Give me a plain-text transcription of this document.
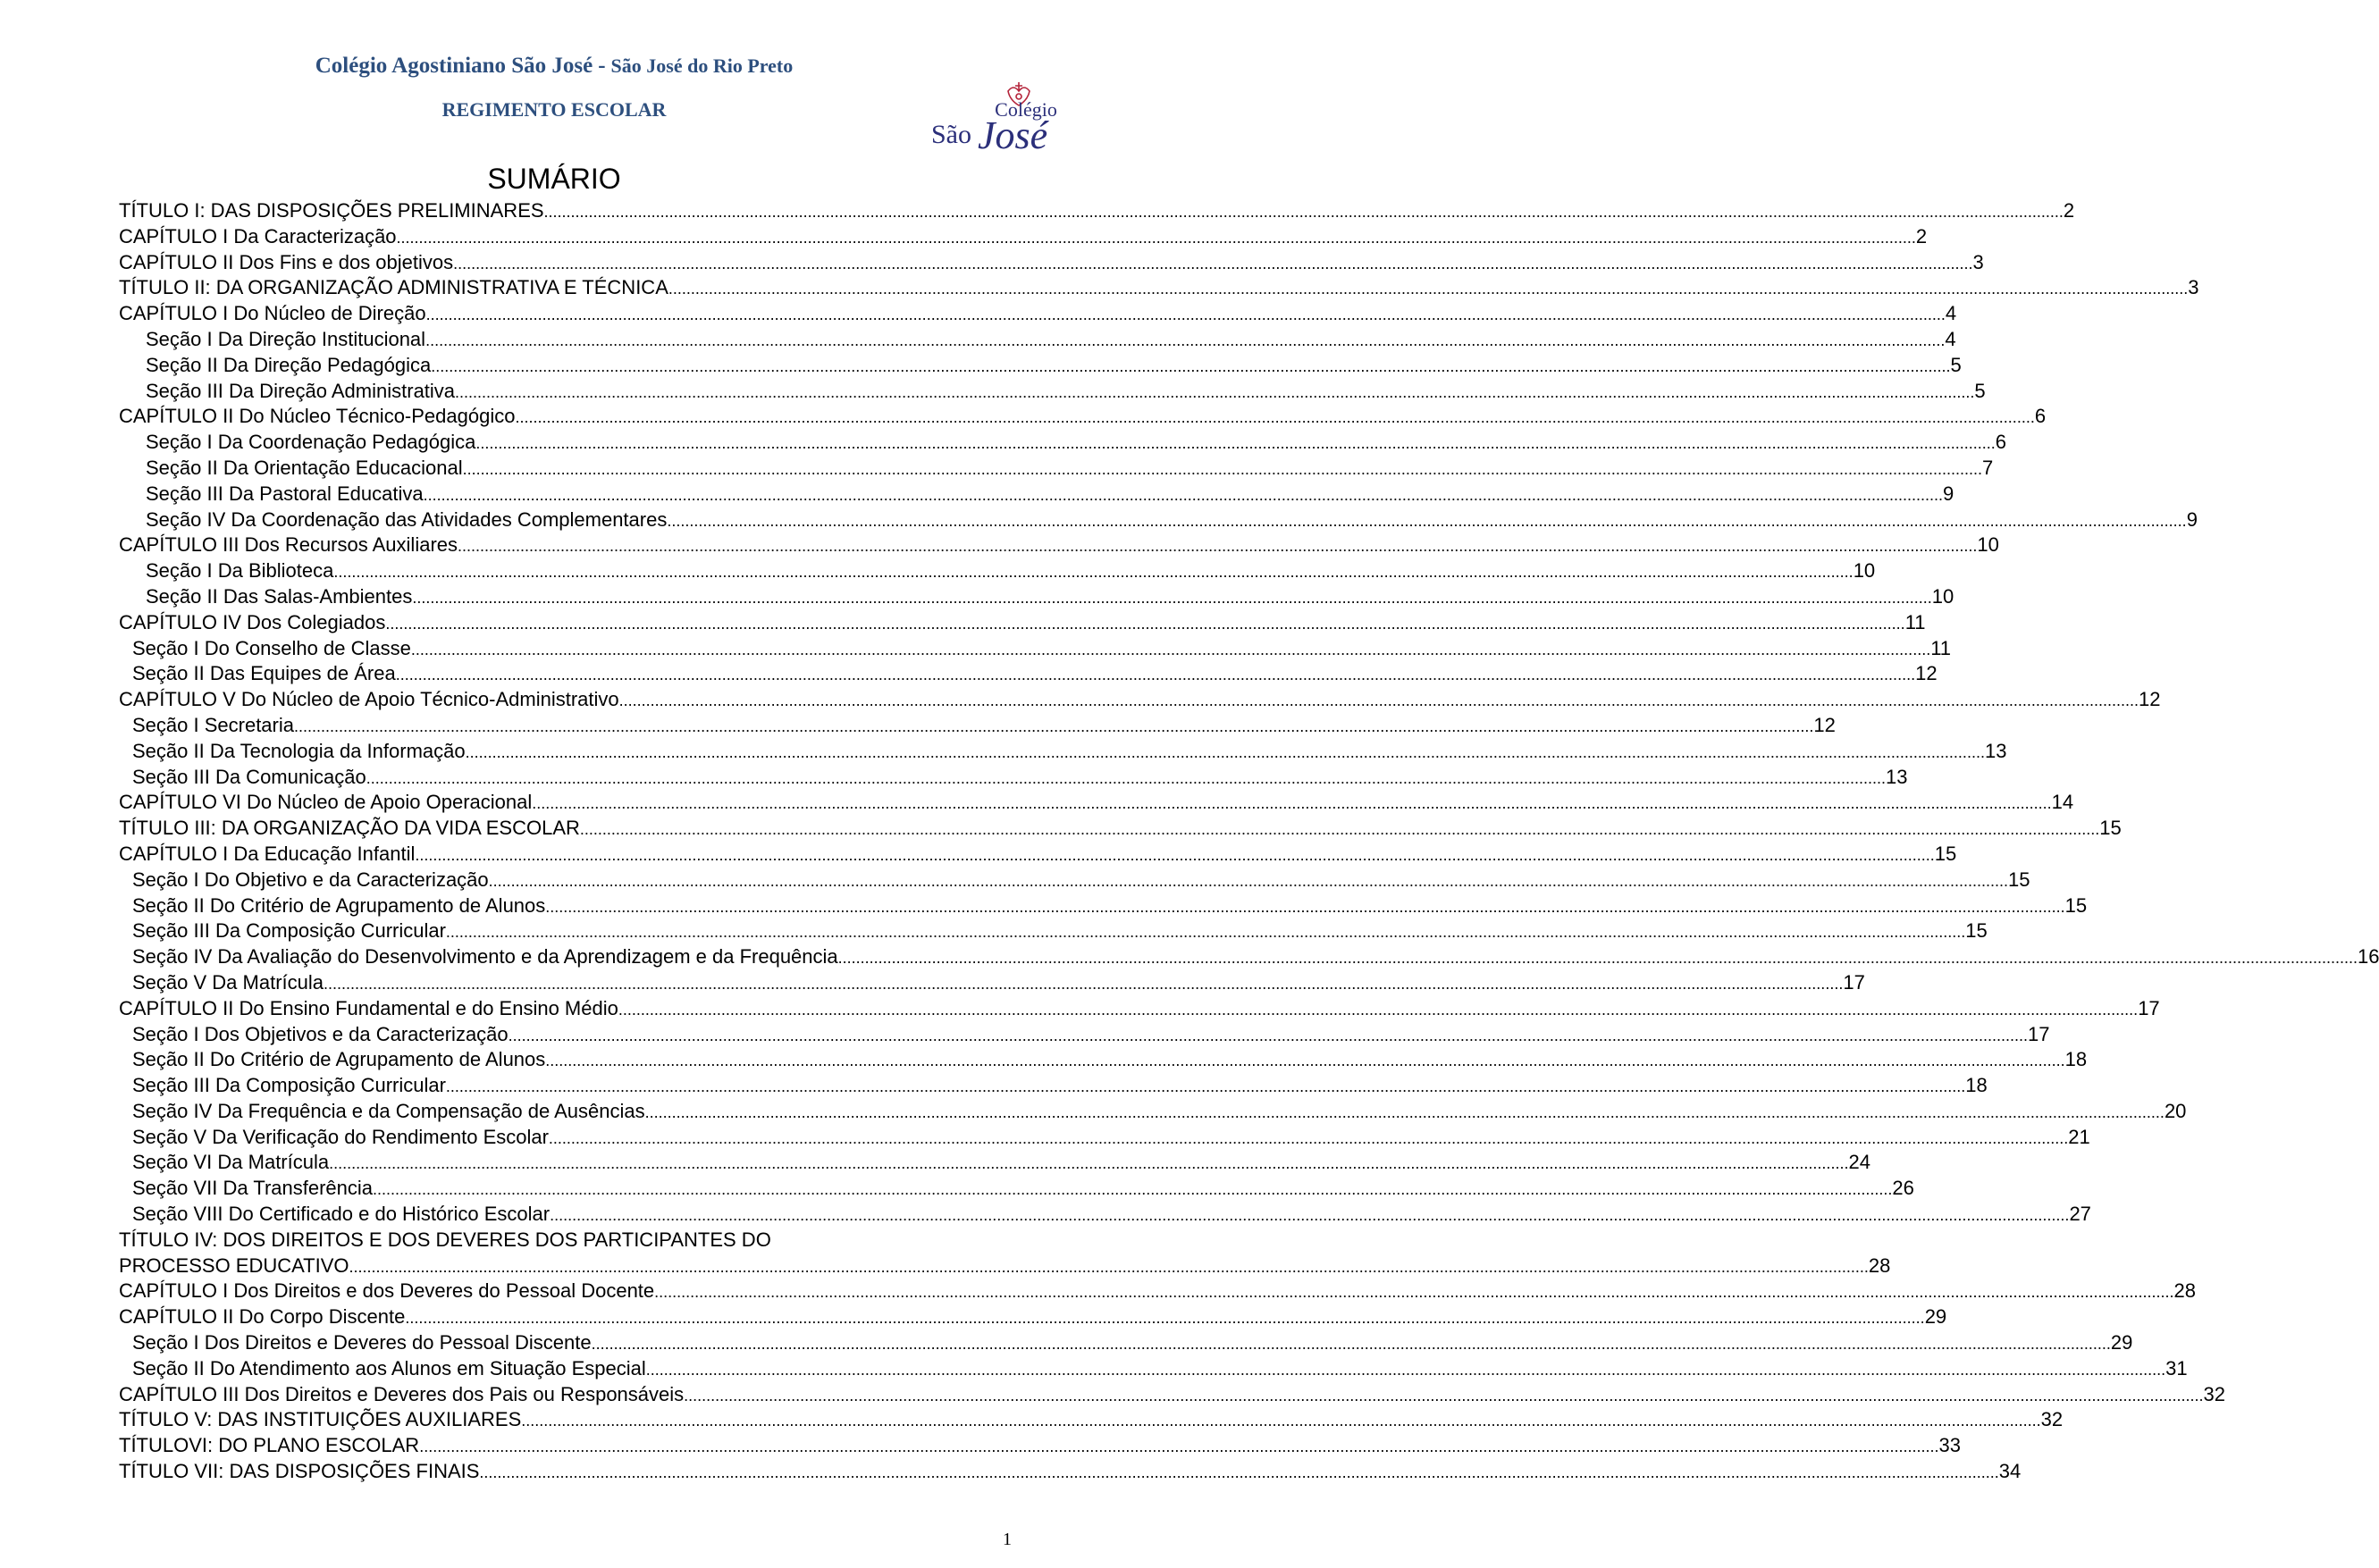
Colégio Agostiniano São José - São José do Rio Preto
REGIMENTO ESCOLAR	Colégio
São José
SUMÁRIO
TÍTULO I: DAS DISPOSIÇÕES PRELIMINARES .....	2
CAPÍTULO I Da Caracterização .....	2
CAPÍTULO II Dos Fins e dos objetivos .....	3
TÍTULO II: DA ORGANIZAÇÃO ADMINISTRATIVA E TÉCNICA .....	3
CAPÍTULO I Do Núcleo de Direção .....	4
Seção I Da Direção Institucional .....	4
Seção II Da Direção Pedagógica .....	5
Seção III Da Direção Administrativa .....	5
CAPÍTULO II Do Núcleo Técnico-Pedagógico .....	6
Seção I Da Coordenação Pedagógica .....	6
Seção II Da Orientação Educacional .....	7
Seção III Da Pastoral Educativa .....	9
Seção IV Da Coordenação das Atividades Complementares .....	9
CAPÍTULO III Dos Recursos Auxiliares .....	10
Seção I Da Biblioteca .....	10
Seção II Das Salas-Ambientes .....	10
CAPÍTULO IV Dos Colegiados .....	11
Seção I Do Conselho de Classe .....	11
Seção II Das Equipes de Área .....	12
CAPÍTULO V Do Núcleo de Apoio Técnico-Administrativo .....	12
Seção I Secretaria .....	12
Seção II Da Tecnologia da Informação .....	13
Seção III Da Comunicação .....	13
CAPÍTULO VI Do Núcleo de Apoio Operacional .....	14
TÍTULO III: DA ORGANIZAÇÃO DA VIDA ESCOLAR .....	15
CAPÍTULO I Da Educação Infantil .....	15
Seção I Do Objetivo e da Caracterização .....	15
Seção II Do Critério de Agrupamento de Alunos .....	15
Seção III Da Composição Curricular .....	15
Seção IV Da Avaliação do Desenvolvimento e da Aprendizagem e da Frequência .....	16
Seção V Da Matrícula .....	17
CAPÍTULO II Do Ensino Fundamental e do Ensino Médio .....	17
Seção I Dos Objetivos e da Caracterização .....	17
Seção II Do Critério de Agrupamento de Alunos .....	18
Seção III Da Composição Curricular .....	18
Seção IV Da Frequência e da Compensação de Ausências .....	20
Seção V Da Verificação do Rendimento Escolar .....	21
Seção VI Da Matrícula .....	24
Seção VII Da Transferência .....	26
Seção VIII Do Certificado e do Histórico Escolar .....	27
TÍTULO IV: DOS DIREITOS E DOS DEVERES DOS PARTICIPANTES DO
PROCESSO EDUCATIVO .....	28
CAPÍTULO I Dos Direitos e dos Deveres do Pessoal Docente .....	28
CAPÍTULO II Do Corpo Discente .....	29
Seção I Dos Direitos e Deveres do Pessoal Discente .....	29
Seção II Do Atendimento aos Alunos em Situação Especial .....	31
CAPÍTULO III Dos Direitos e Deveres dos Pais ou Responsáveis .....	32
TÍTULO V: DAS INSTITUIÇÕES AUXILIARES .....	32
TÍTULOVI: DO PLANO ESCOLAR .....	33
TÍTULO VII: DAS DISPOSIÇÕES FINAIS .....	34
1
